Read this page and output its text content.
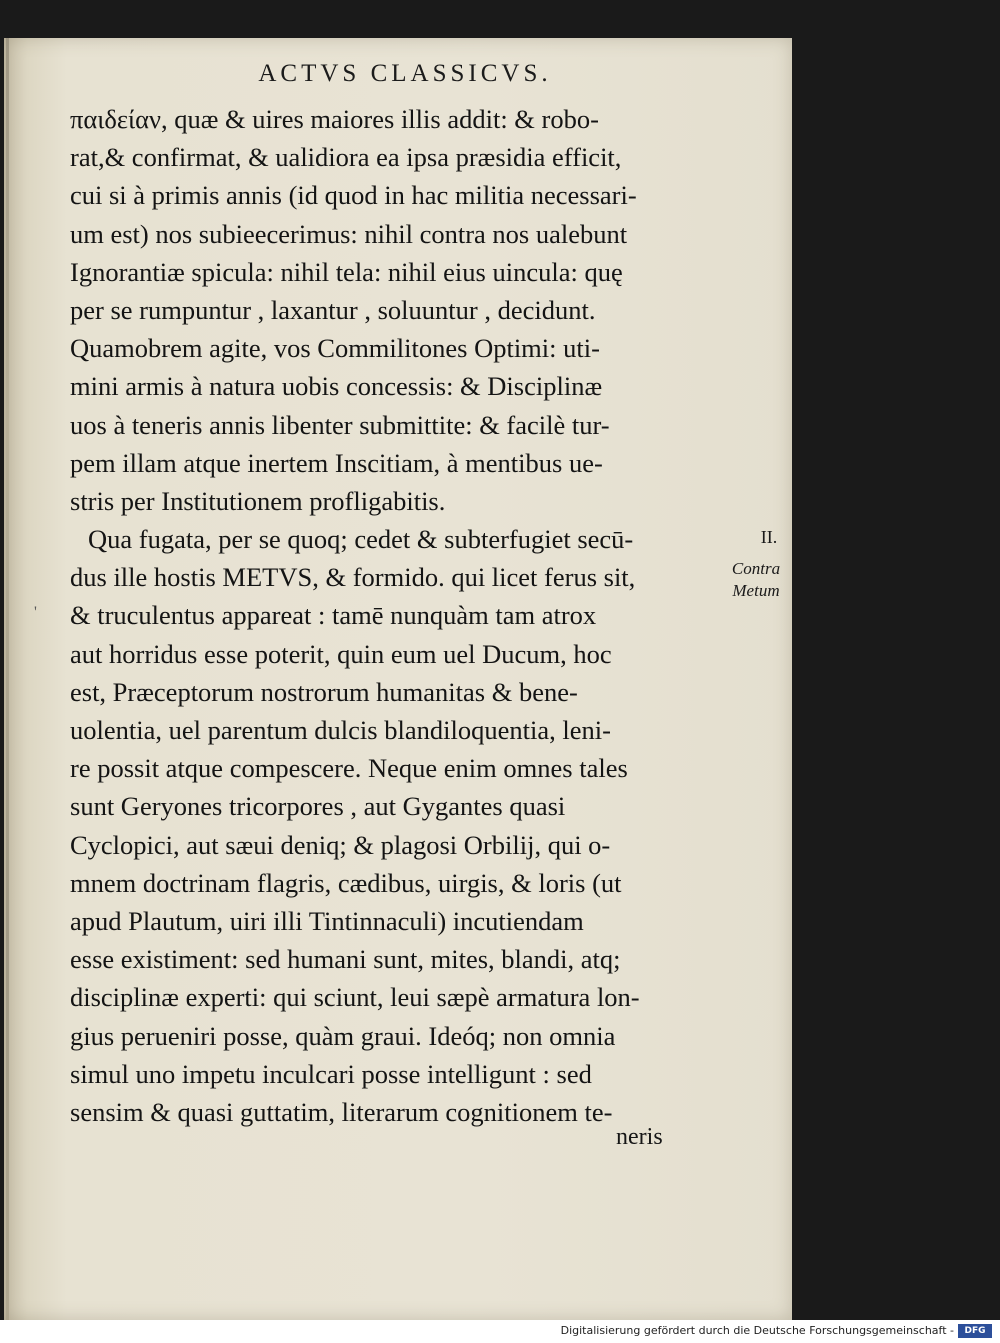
'
ACTVS CLASSICVS.
παιδείαν, quæ & uires maiores illis addit: & robo-
rat,& confirmat, & ualidiora ea ipsa præsidia efficit,
cui si à primis annis (id quod in hac militia necessari-
um est) nos subieecerimus: nihil contra nos ualebunt
Ignorantiæ spicula: nihil tela: nihil eius uincula: quę
per se rumpuntur , laxantur , soluuntur , decidunt.
Quamobrem agite, vos Commilitones Optimi: uti-
mini armis à natura uobis concessis: & Disciplinæ
uos à teneris annis libenter submittite: & facilè tur-
pem illam atque inertem Inscitiam, à mentibus ue-
stris per Institutionem profligabitis.
Qua fugata, per se quoq; cedet & subterfugiet secū-
dus ille hostis METVS, & formido. qui licet ferus sit,
& truculentus appareat : tamē nunquàm tam atrox
aut horridus esse poterit, quin eum uel Ducum, hoc
est, Præceptorum nostrorum humanitas & bene-
uolentia, uel parentum dulcis blandiloquentia, leni-
re possit atque compescere. Neque enim omnes tales
sunt Geryones tricorpores , aut Gygantes quasi
Cyclopici, aut sæui deniq; & plagosi Orbilij, qui o-
mnem doctrinam flagris, cædibus, uirgis, & loris (ut
apud Plautum, uiri illi Tintinnaculi) incutiendam
esse existiment: sed humani sunt, mites, blandi, atq;
disciplinæ experti: qui sciunt, leui sæpè armatura lon-
gius perueniri posse, quàm graui. Ideóq; non omnia
simul uno impetu inculcari posse intelligunt : sed
sensim & quasi guttatim, literarum cognitionem te-
neris
II.
Contra
Metum
Digitalisierung gefördert durch die Deutsche Forschungsgemeinschaft -	DFG
